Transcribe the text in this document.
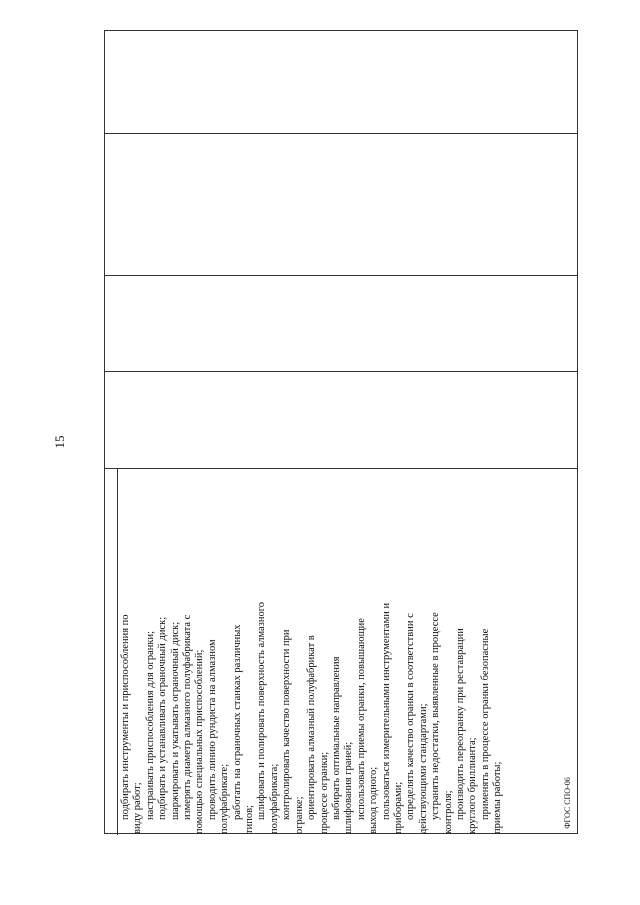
15
подбирать инструменты и приспособления по виду работ; настраивать приспособления для огранки; подбирать и устанавливать ограночный диск; шаржировать и укатывать ограночный диск; измерять диаметр алмазного полуфабриката с помощью специальных приспособлений; проводить линию рундиста на алмазном полуфабрикате; работать на ограночных станках различных типов; шлифовать и полировать поверхность алмазного полуфабриката; контролировать качество поверхности при огранке; ориентировать алмазный полуфабрикат в процессе огранки; выбирать оптимальные направления шлифования граней; использовать приемы огранки, повышающие выход годного; пользоваться измерительными инструментами и приборами; определять качество огранки в соответствии с действующими стандартами; устранять недостатки, выявленные в процессе контроля; производить переогранку при реставрации круглого бриллианта; применять в процессе огранки безопасные приемы работы;	ФГОС СПО-06
